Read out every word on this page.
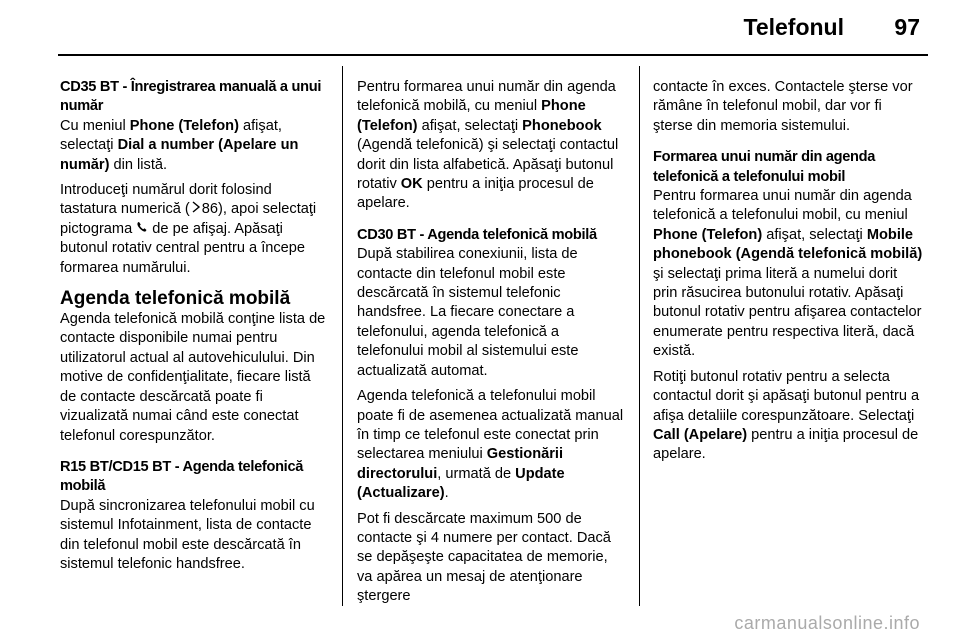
Telefonul 97

CD35 BT - Înregistrarea manuală a unui număr

Cu meniul Phone (Telefon) afişat, selectaţi Dial a number (Apelare un număr) din listă.

Introduceţi numărul dorit folosind tastatura numerică ( 86), apoi selectaţi pictograma  de pe afişaj. Apăsaţi butonul rotativ central pentru a începe formarea numărului.

Agenda telefonică mobilă

Agenda telefonică mobilă conţine lista de contacte disponibile numai pentru utilizatorul actual al autovehiculului. Din motive de confidenţialitate, fiecare listă de contacte descărcată poate fi vizualizată numai când este conectat telefonul corespunzător.

R15 BT/CD15 BT - Agenda telefonică mobilă

După sincronizarea telefonului mobil cu sistemul Infotainment, lista de contacte din telefonul mobil este descărcată în sistemul telefonic handsfree.

Pentru formarea unui număr din agenda telefonică mobilă, cu meniul Phone (Telefon) afişat, selectaţi Phonebook (Agendă telefonică) şi selectaţi contactul dorit din lista alfabetică. Apăsaţi butonul rotativ OK pentru a iniţia procesul de apelare.

CD30 BT - Agenda telefonică mobilă

După stabilirea conexiunii, lista de contacte din telefonul mobil este descărcată în sistemul telefonic handsfree. La fiecare conectare a telefonului, agenda telefonică a telefonului mobil al sistemului este actualizată automat.

Agenda telefonică a telefonului mobil poate fi de asemenea actualizată manual în timp ce telefonul este conectat prin selectarea meniului Gestionării directorului, urmată de Update (Actualizare).

Pot fi descărcate maximum 500 de contacte şi 4 numere per contact. Dacă se depăşeşte capacitatea de memorie, va apărea un mesaj de atenţionare ştergere

contacte în exces. Contactele şterse vor rămâne în telefonul mobil, dar vor fi şterse din memoria sistemului.

Formarea unui număr din agenda telefonică a telefonului mobil

Pentru formarea unui număr din agenda telefonică a telefonului mobil, cu meniul Phone (Telefon) afişat, selectaţi Mobile phonebook (Agendă telefonică mobilă) şi selectaţi prima literă a numelui dorit prin răsucirea butonului rotativ. Apăsaţi butonul rotativ pentru afişarea contactelor enumerate pentru respectiva literă, dacă există.

Rotiţi butonul rotativ pentru a selecta contactul dorit şi apăsaţi butonul pentru a afişa detaliile corespunzătoare. Selectaţi Call (Apelare) pentru a iniţia procesul de apelare.

carmanualsonline.info
